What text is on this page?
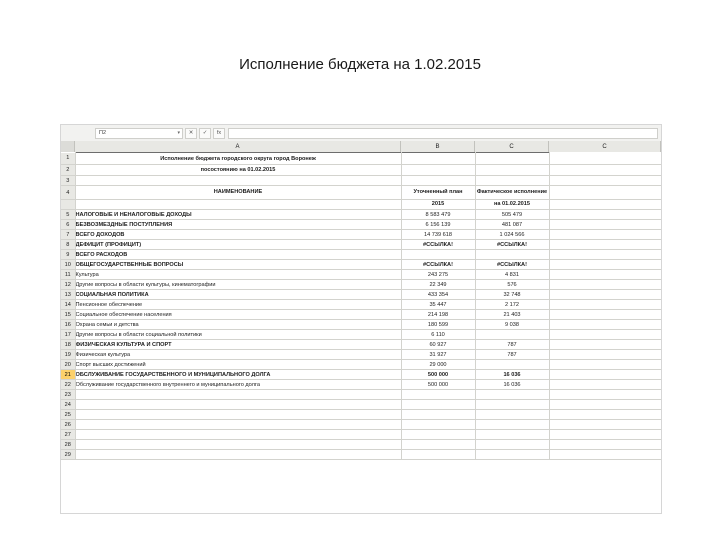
Исполнение бюджета на 1.02.2015
П2	▾	✕	✓	fx
A	B	C	C
1	Исполнение бюджета городского округа город Воронеж			
2	посостоянию на 01.02.2015			
3				
4	НАИМЕНОВАНИЕ	Уточненный план	Фактическое исполнение	
		2015	на 01.02.2015	
5	НАЛОГОВЫЕ И НЕНАЛОГОВЫЕ ДОХОДЫ	8 583 479	505 479	
6	БЕЗВОЗМЕЗДНЫЕ ПОСТУПЛЕНИЯ	6 156 139	481 087	
7	ВСЕГО ДОХОДОВ	14 739 618	1 024 566	
8	ДЕФИЦИТ (ПРОФИЦИТ)	#ССЫЛКА!	#ССЫЛКА!	
9	ВСЕГО РАСХОДОВ			
10	ОБЩЕГОСУДАРСТВЕННЫЕ ВОПРОСЫ	#ССЫЛКА!	#ССЫЛКА!	
11	Культура	243 275	4 831	
12	Другие вопросы в области культуры, кинематографии	22 349	576	
13	СОЦИАЛЬНАЯ ПОЛИТИКА	433 354	32 748	
14	Пенсионное обеспечение	35 447	2 172	
15	Социальное обеспечение населения	214 198	21 403	
16	Охрана семьи и детства	180 599	9 038	
17	Другие вопросы в области социальной политики	6 110		
18	ФИЗИЧЕСКАЯ КУЛЬТУРА И СПОРТ	60 927	787	
19	Физическая культура	31 927	787	
20	Спорт высших достижений	29 000		
21	ОБСЛУЖИВАНИЕ ГОСУДАРСТВЕННОГО И МУНИЦИПАЛЬНОГО ДОЛГА	500 000	16 036	
22	Обслуживание государственного внутреннего и муниципального долга	500 000	16 036	
23				
24				
25				
26				
27				
28				
29				
